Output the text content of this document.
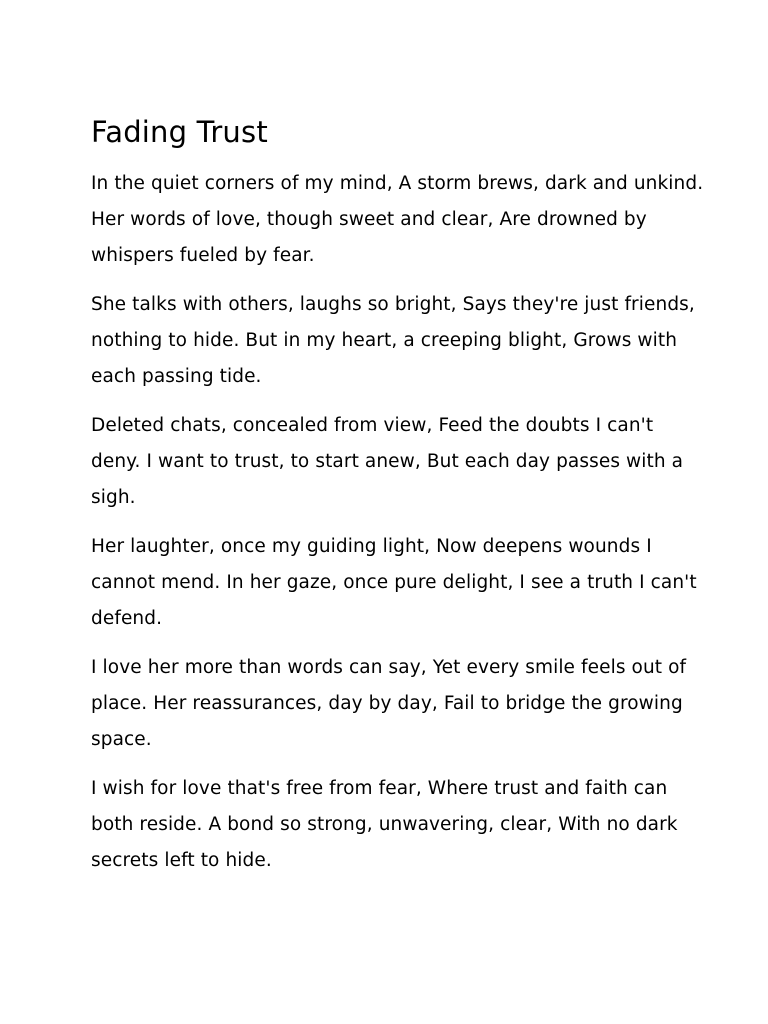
Fading Trust

In the quiet corners of my mind, A storm brews, dark and unkind. Her words of love, though sweet and clear, Are drowned by whispers fueled by fear.

She talks with others, laughs so bright, Says they're just friends, nothing to hide. But in my heart, a creeping blight, Grows with each passing tide.

Deleted chats, concealed from view, Feed the doubts I can't deny. I want to trust, to start anew, But each day passes with a sigh.

Her laughter, once my guiding light, Now deepens wounds I cannot mend. In her gaze, once pure delight, I see a truth I can't defend.

I love her more than words can say, Yet every smile feels out of place. Her reassurances, day by day, Fail to bridge the growing space.

I wish for love that's free from fear, Where trust and faith can both reside. A bond so strong, unwavering, clear, With no dark secrets left to hide.
